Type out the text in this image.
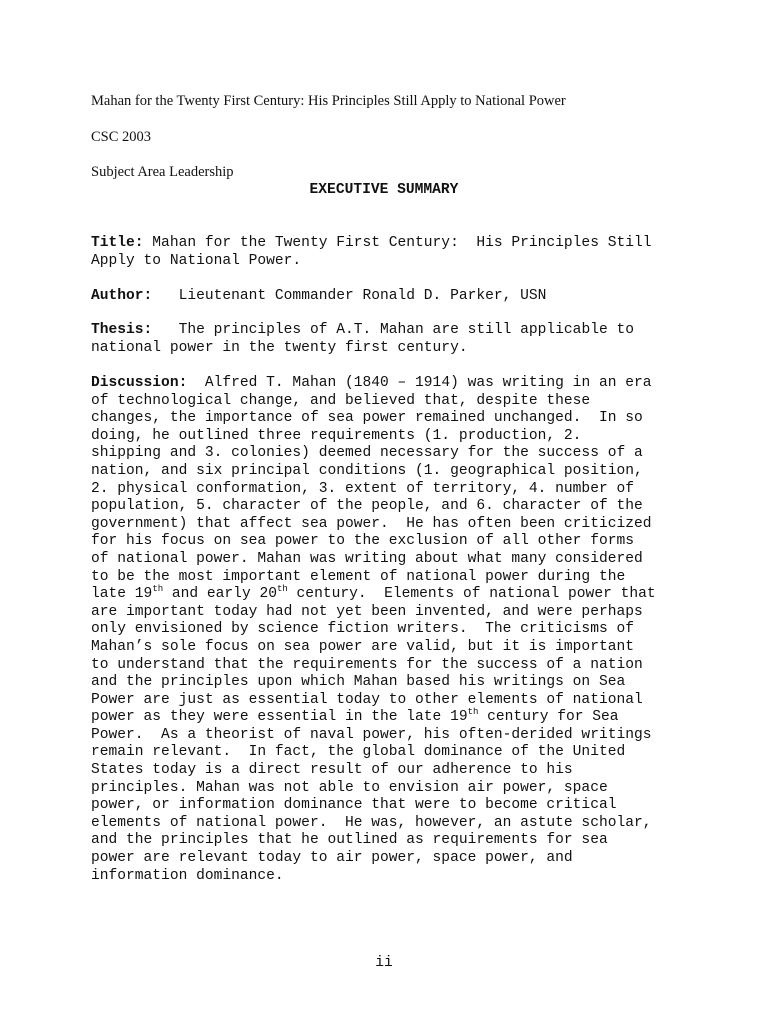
Mahan for the Twenty First Century: His Principles Still Apply to National Power
CSC 2003
Subject Area Leadership
EXECUTIVE SUMMARY
Title: Mahan for the Twenty First Century:  His Principles Still
Apply to National Power.
Author:   Lieutenant Commander Ronald D. Parker, USN
Thesis:   The principles of A.T. Mahan are still applicable to
national power in the twenty first century.
Discussion:  Alfred T. Mahan (1840 – 1914) was writing in an era
of technological change, and believed that, despite these
changes, the importance of sea power remained unchanged.  In so
doing, he outlined three requirements (1. production, 2.
shipping and 3. colonies) deemed necessary for the success of a
nation, and six principal conditions (1. geographical position,
2. physical conformation, 3. extent of territory, 4. number of
population, 5. character of the people, and 6. character of the
government) that affect sea power.  He has often been criticized
for his focus on sea power to the exclusion of all other forms
of national power. Mahan was writing about what many considered
to be the most important element of national power during the
late 19th and early 20th century.  Elements of national power that
are important today had not yet been invented, and were perhaps
only envisioned by science fiction writers.  The criticisms of
Mahan’s sole focus on sea power are valid, but it is important
to understand that the requirements for the success of a nation
and the principles upon which Mahan based his writings on Sea
Power are just as essential today to other elements of national
power as they were essential in the late 19th century for Sea
Power.  As a theorist of naval power, his often-derided writings
remain relevant.  In fact, the global dominance of the United
States today is a direct result of our adherence to his
principles. Mahan was not able to envision air power, space
power, or information dominance that were to become critical
elements of national power.  He was, however, an astute scholar,
and the principles that he outlined as requirements for sea
power are relevant today to air power, space power, and
information dominance.
ii
